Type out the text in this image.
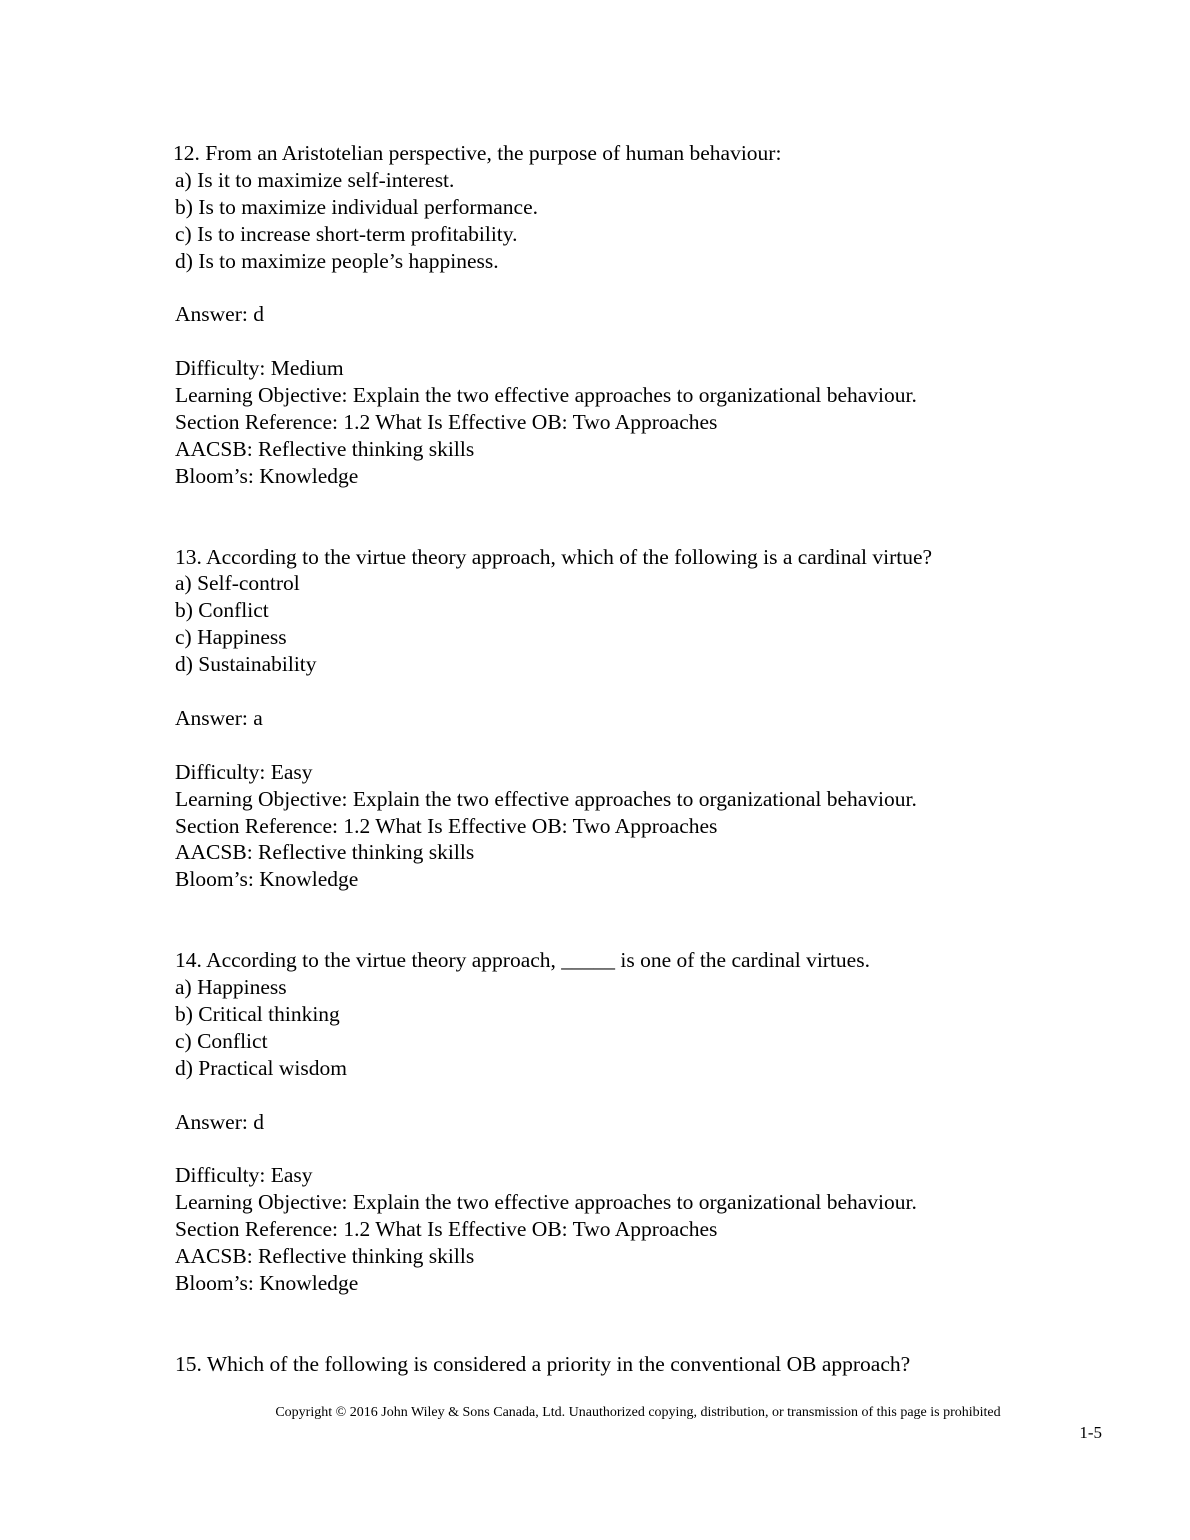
12. From an Aristotelian perspective, the purpose of human behaviour:

a) Is it to maximize self-interest.

b) Is to maximize individual performance.

c) Is to increase short-term profitability.

d) Is to maximize people’s happiness.

Answer: d

Difficulty: Medium

Learning Objective: Explain the two effective approaches to organizational behaviour.

Section Reference: 1.2 What Is Effective OB: Two Approaches

AACSB: Reflective thinking skills

Bloom’s: Knowledge

13. According to the virtue theory approach, which of the following is a cardinal virtue?

a) Self-control

b) Conflict

c) Happiness

d) Sustainability

Answer: a

Difficulty: Easy

Learning Objective: Explain the two effective approaches to organizational behaviour.

Section Reference: 1.2 What Is Effective OB: Two Approaches

AACSB: Reflective thinking skills

Bloom’s: Knowledge

14. According to the virtue theory approach, _____ is one of the cardinal virtues.

a) Happiness

b) Critical thinking

c) Conflict

d) Practical wisdom

Answer: d

Difficulty: Easy

Learning Objective: Explain the two effective approaches to organizational behaviour.

Section Reference: 1.2 What Is Effective OB: Two Approaches

AACSB: Reflective thinking skills

Bloom’s: Knowledge

15. Which of the following is considered a priority in the conventional OB approach?

Copyright © 2016 John Wiley & Sons Canada, Ltd. Unauthorized copying, distribution, or transmission of this page is prohibited
1-5
